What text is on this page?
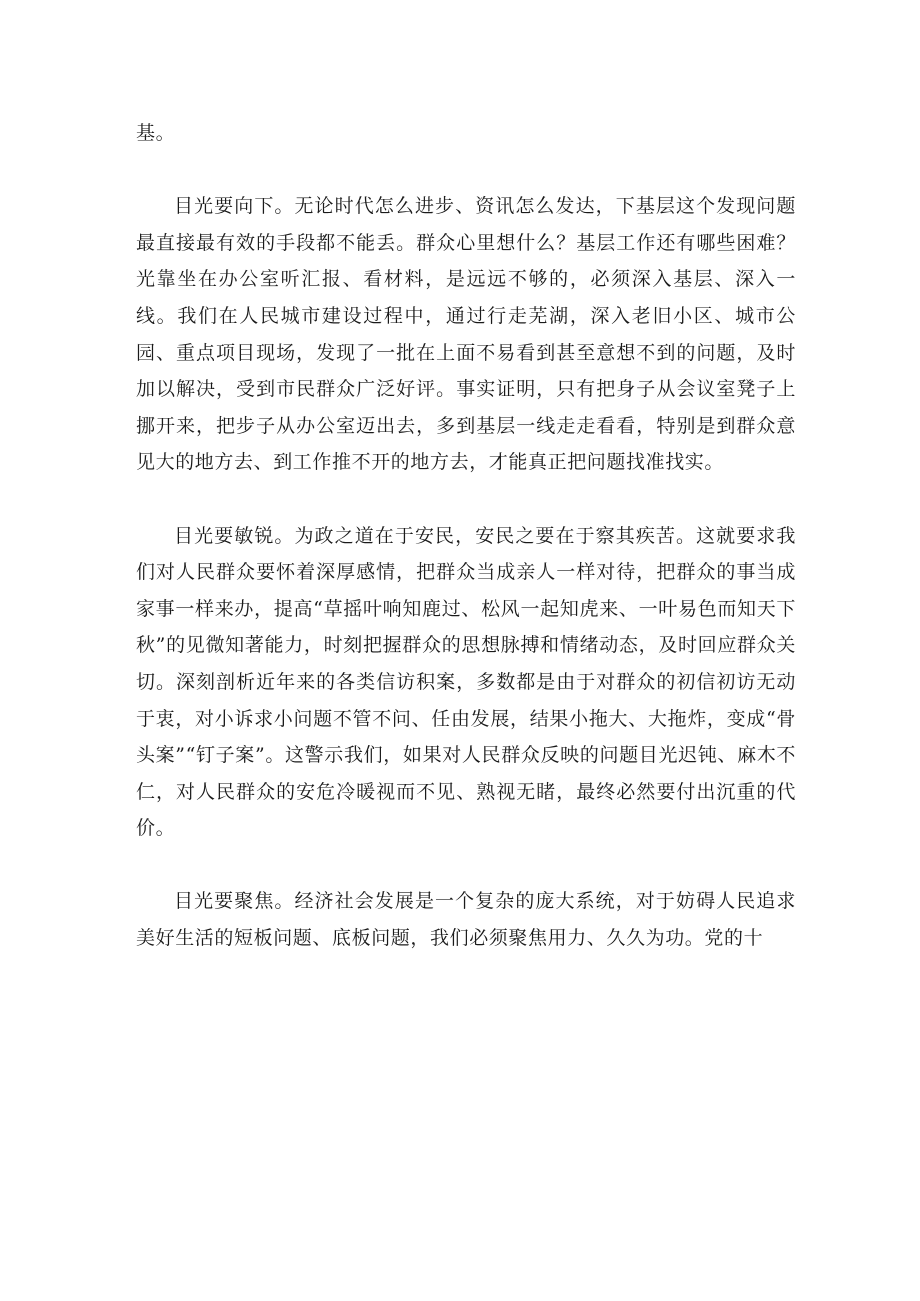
基。

目光要向下。无论时代怎么进步、资讯怎么发达，下基层这个发现问题最直接最有效的手段都不能丢。群众心里想什么？基层工作还有哪些困难？光靠坐在办公室听汇报、看材料，是远远不够的，必须深入基层、深入一线。我们在人民城市建设过程中，通过行走芜湖，深入老旧小区、城市公园、重点项目现场，发现了一批在上面不易看到甚至意想不到的问题，及时加以解决，受到市民群众广泛好评。事实证明，只有把身子从会议室凳子上挪开来，把步子从办公室迈出去，多到基层一线走走看看，特别是到群众意见大的地方去、到工作推不开的地方去，才能真正把问题找准找实。

目光要敏锐。为政之道在于安民，安民之要在于察其疾苦。这就要求我们对人民群众要怀着深厚感情，把群众当成亲人一样对待，把群众的事当成家事一样来办，提高“草摇叶响知鹿过、松风一起知虎来、一叶易色而知天下秋”的见微知著能力，时刻把握群众的思想脉搏和情绪动态，及时回应群众关切。深刻剖析近年来的各类信访积案，多数都是由于对群众的初信初访无动于衷，对小诉求小问题不管不问、任由发展，结果小拖大、大拖炸，变成“骨头案”“钉子案”。这警示我们，如果对人民群众反映的问题目光迟钝、麻木不仁，对人民群众的安危冷暖视而不见、熟视无睹，最终必然要付出沉重的代价。

目光要聚焦。经济社会发展是一个复杂的庞大系统，对于妨碍人民追求美好生活的短板问题、底板问题，我们必须聚焦用力、久久为功。党的十
